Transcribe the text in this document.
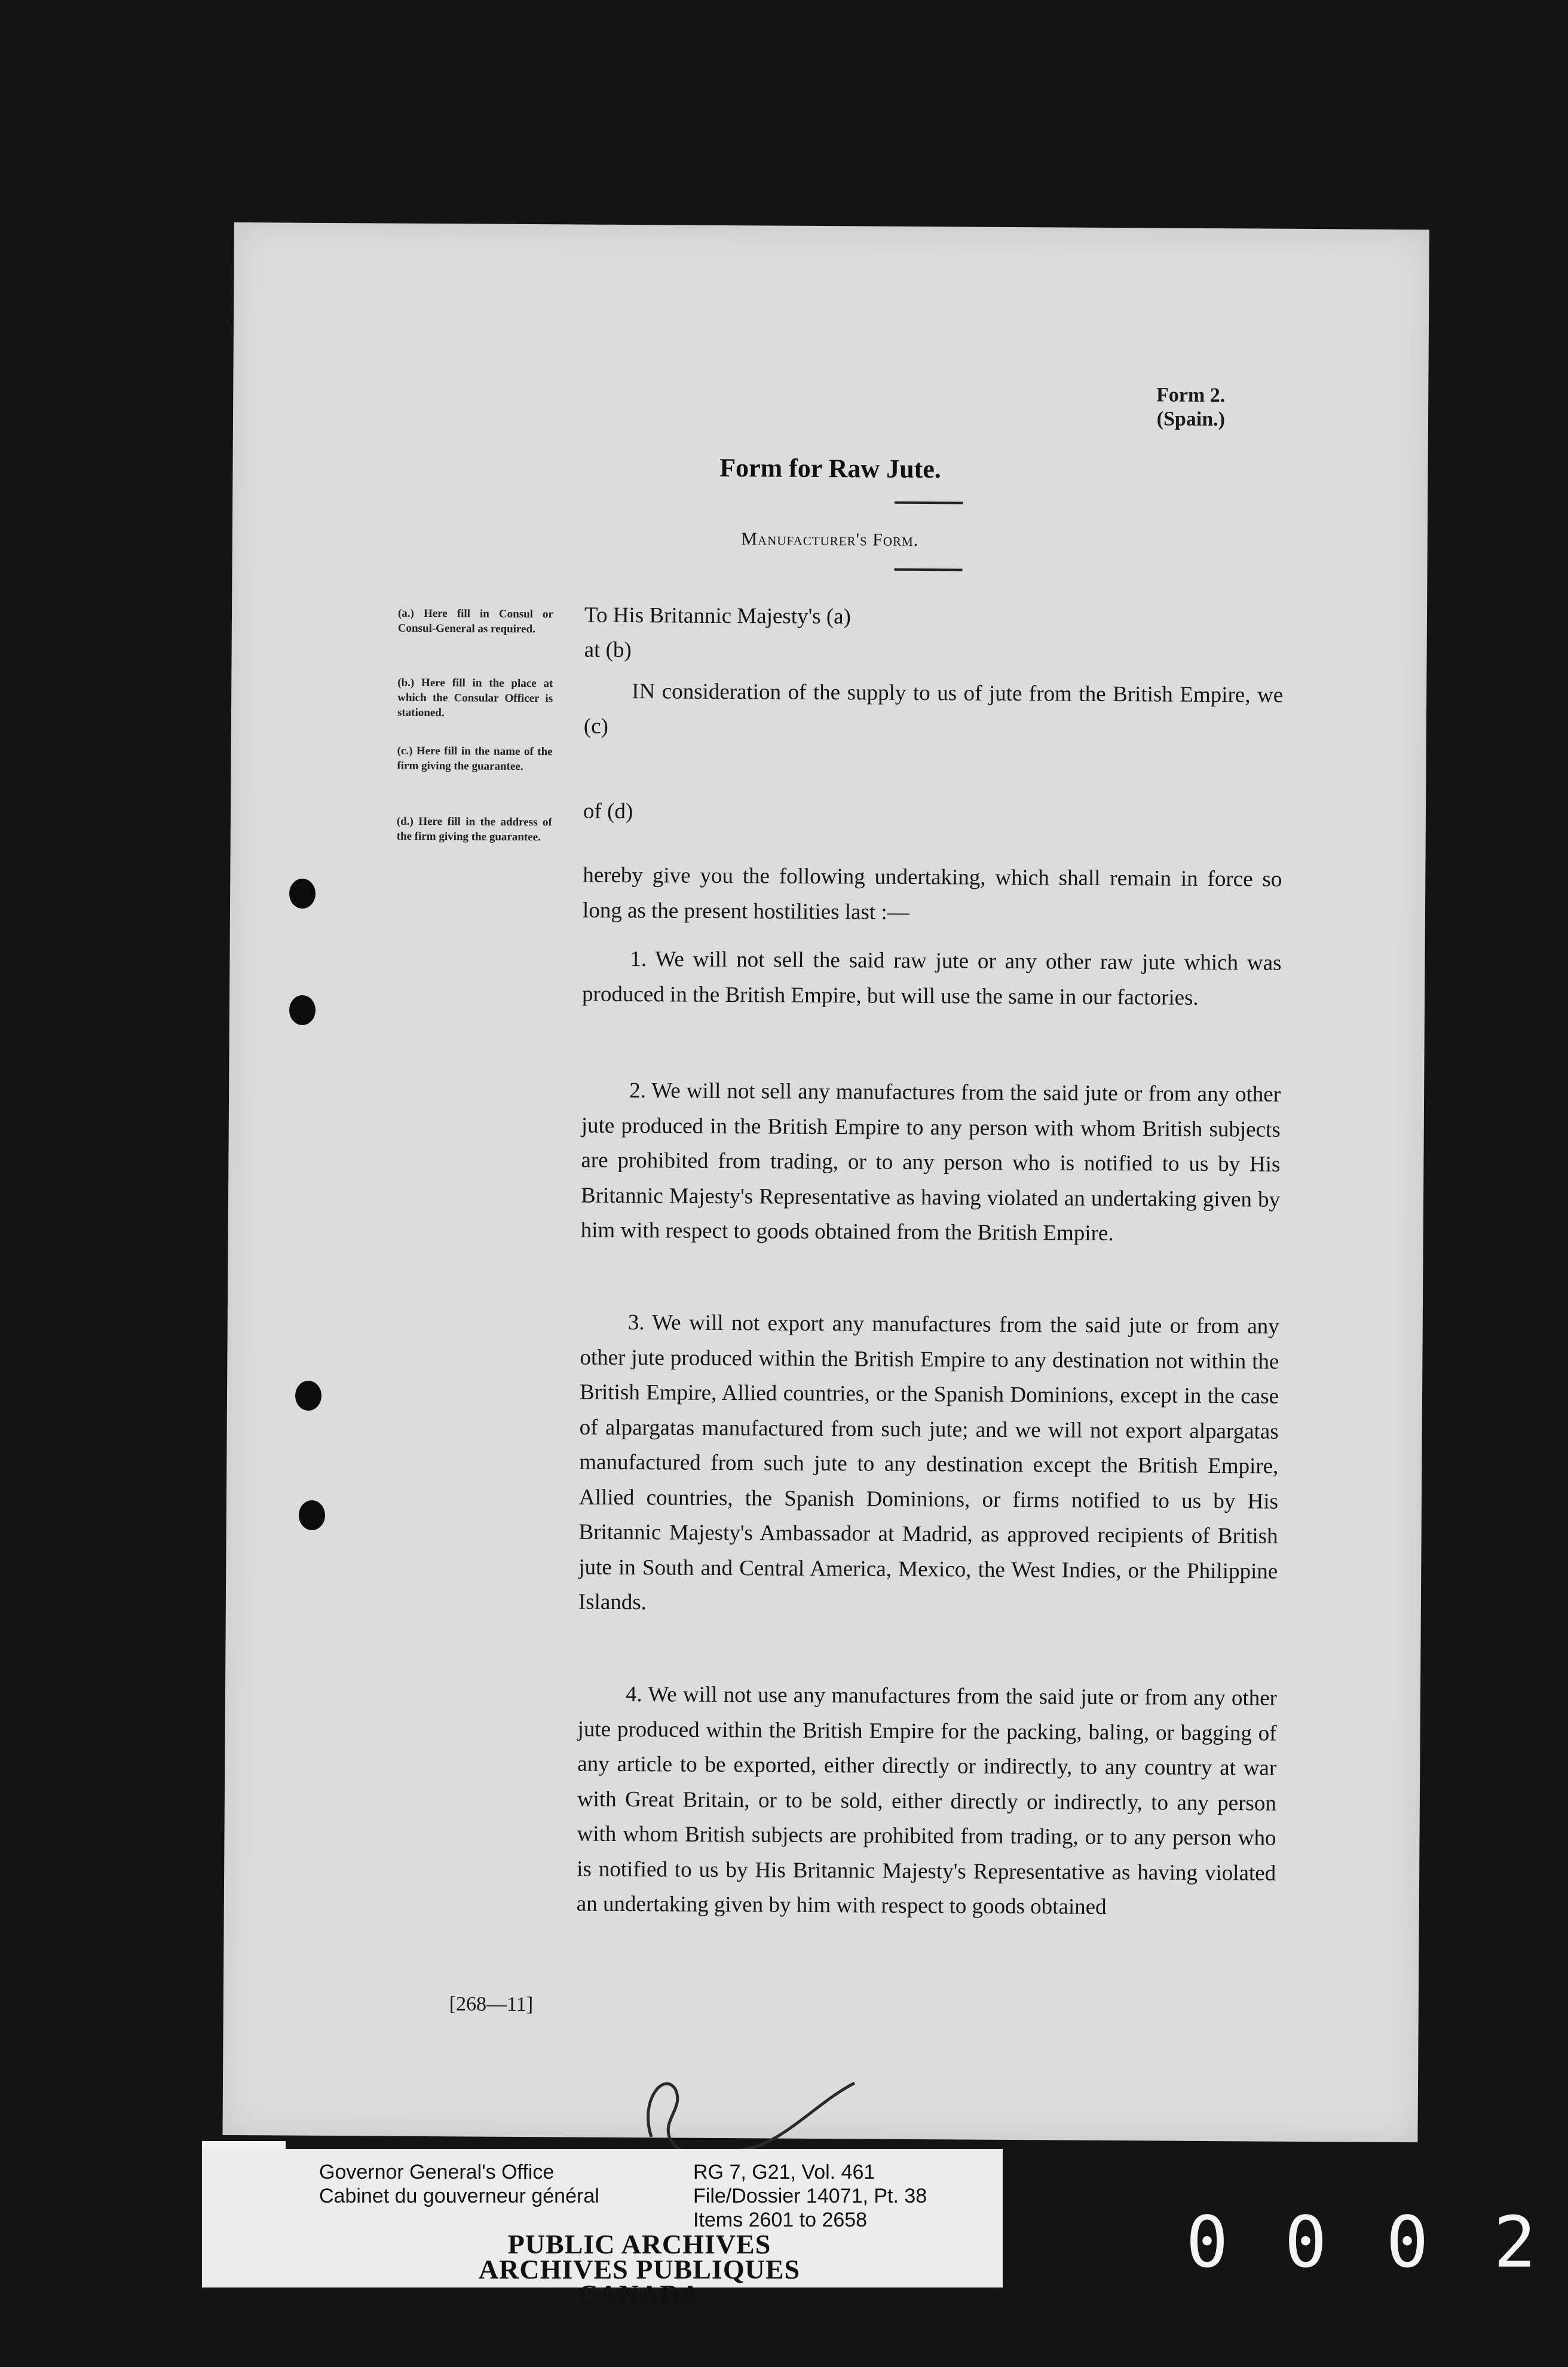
Form 2.
(Spain.)
Form for Raw Jute.
Manufacturer's Form.
(a.) Here fill in Consul or Consul-General as required.
(b.) Here fill in the place at which the Consular Officer is stationed.
(c.) Here fill in the name of the firm giving the guarantee.
(d.) Here fill in the address of the firm giving the guarantee.
To His Britannic Majesty's (a)
at (b)
IN consideration of the supply to us of jute from the British Empire, we (c)
of (d)
hereby give you the following undertaking, which shall remain in force so long as the present hostilities last :—
1. We will not sell the said raw jute or any other raw jute which was produced in the British Empire, but will use the same in our factories.
2. We will not sell any manufactures from the said jute or from any other jute produced in the British Empire to any person with whom British subjects are prohibited from trading, or to any person who is notified to us by His Britannic Majesty's Representative as having violated an undertaking given by him with respect to goods obtained from the British Empire.
3. We will not export any manufactures from the said jute or from any other jute produced within the British Empire to any destination not within the British Empire, Allied countries, or the Spanish Dominions, except in the case of alpargatas manufactured from such jute; and we will not export alpargatas manufactured from such jute to any destination except the British Empire, Allied countries, the Spanish Dominions, or firms notified to us by His Britannic Majesty's Ambassador at Madrid, as approved recipients of British jute in South and Central America, Mexico, the West Indies, or the Philippine Islands.
4. We will not use any manufactures from the said jute or from any other jute produced within the British Empire for the packing, baling, or bagging of any article to be exported, either directly or indirectly, to any country at war with Great Britain, or to be sold, either directly or indirectly, to any person with whom British subjects are prohibited from trading, or to any person who is notified to us by His Britannic Majesty's Representative as having violated an undertaking given by him with respect to goods obtained
[268—11]
Governor General's Office
Cabinet du gouverneur général
RG 7, G21, Vol. 461
File/Dossier 14071, Pt. 38
Items 2601 to 2658
PUBLIC ARCHIVES
ARCHIVES PUBLIQUES
CANADA
0 0 0 2
